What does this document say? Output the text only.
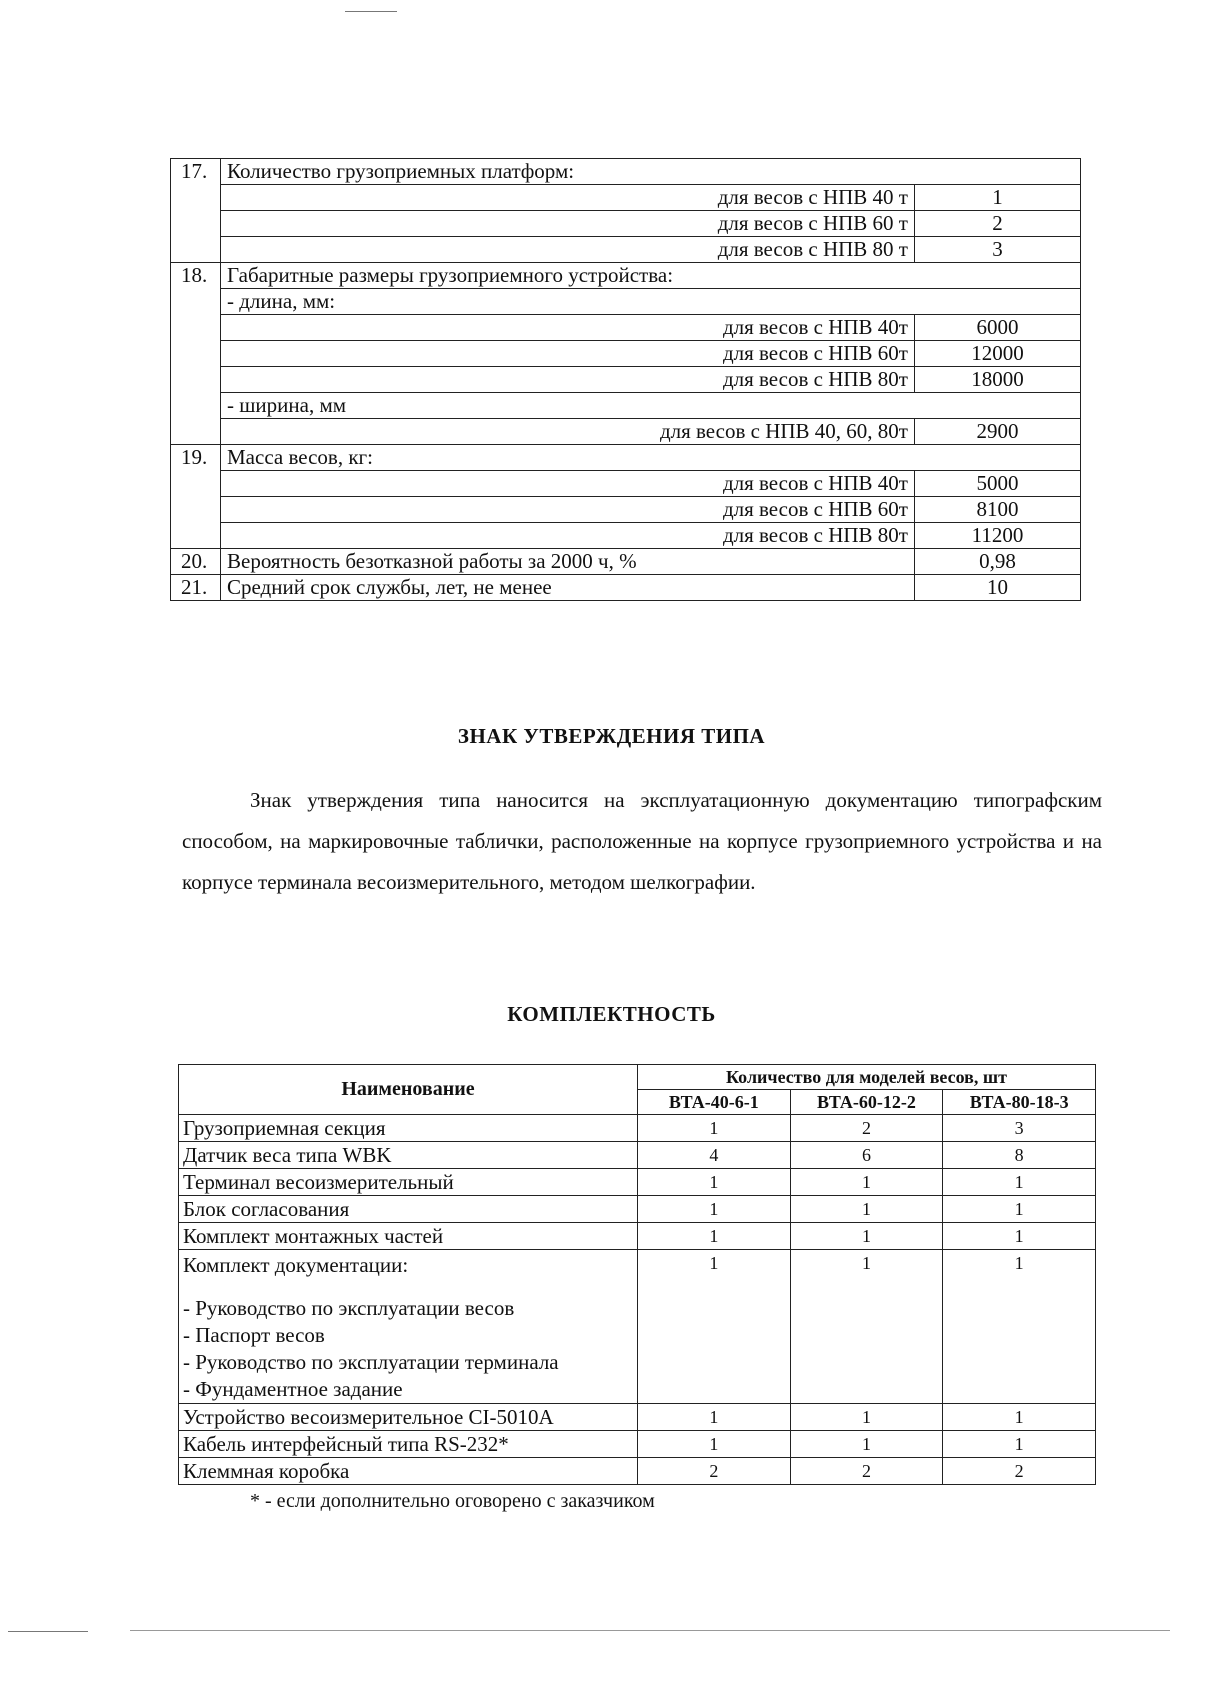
17.	Количество грузоприемных платформ:	
	для весов с НПВ 40 т	1
	для весов с НПВ 60 т	2
	для весов с НПВ 80 т	3
18.	Габаритные размеры грузоприемного устройства:	
	- длина, мм:	
	для весов с НПВ 40т	6000
	для весов с НПВ 60т	12000
	для весов с НПВ 80т	18000
	- ширина, мм	
	для весов с НПВ 40, 60, 80т	2900
19.	Масса весов, кг:	
	для весов с НПВ 40т	5000
	для весов с НПВ 60т	8100
	для весов с НПВ 80т	11200
20.	Вероятность безотказной работы за 2000 ч, %	0,98
21.	Средний срок службы, лет, не менее	10
ЗНАК УТВЕРЖДЕНИЯ ТИПА
Знак утверждения типа наносится на эксплуатационную документацию типографским способом, на маркировочные таблички, расположенные на корпусе грузоприемного устройства и на корпусе терминала весоизмерительного, методом шелкографии.
КОМПЛЕКТНОСТЬ
Наименование	Количество для моделей весов, шт		
	ВТА-40-6-1	ВТА-60-12-2	ВТА-80-18-3
Грузоприемная секция	1	2	3
Датчик веса типа WBK	4	6	8
Терминал весоизмерительный	1	1	1
Блок согласования	1	1	1
Комплект монтажных частей	1	1	1

Комплект документации:
- Руководство по эксплуатации весов
- Паспорт весов
- Руководство по эксплуатации терминала
- Фундаментное задание	1	1	1
Устройство весоизмерительное CI-5010A	1	1	1
Кабель интерфейсный типа RS-232*	1	1	1
Клеммная коробка	2	2	2
* - если дополнительно оговорено с заказчиком
